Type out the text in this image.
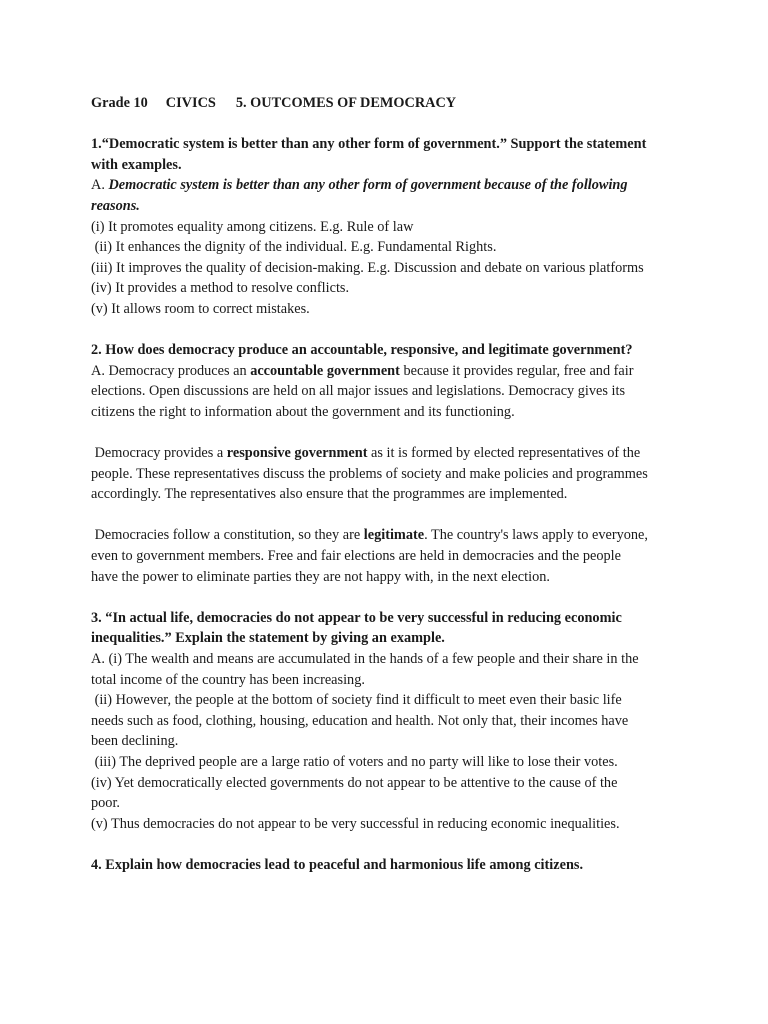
Grade 10 CIVICS 5. OUTCOMES OF DEMOCRACY
1.“Democratic system is better than any other form of government.” Support the statement
with examples.
A. Democratic system is better than any other form of government because of the following
reasons.
(i) It promotes equality among citizens. E.g. Rule of law
(ii) It enhances the dignity of the individual. E.g. Fundamental Rights.
(iii) It improves the quality of decision-making. E.g. Discussion and debate on various platforms
(iv) It provides a method to resolve conflicts.
(v) It allows room to correct mistakes.
2. How does democracy produce an accountable, responsive, and legitimate government?
A. Democracy produces an accountable government because it provides regular, free and fair
elections. Open discussions are held on all major issues and legislations. Democracy gives its
citizens the right to information about the government and its functioning.
Democracy provides a responsive government as it is formed by elected representatives of the
people. These representatives discuss the problems of society and make policies and programmes
accordingly. The representatives also ensure that the programmes are implemented.
Democracies follow a constitution, so they are legitimate. The country's laws apply to everyone,
even to government members. Free and fair elections are held in democracies and the people
have the power to eliminate parties they are not happy with, in the next election.
3. “In actual life, democracies do not appear to be very successful in reducing economic
inequalities.” Explain the statement by giving an example.
A. (i) The wealth and means are accumulated in the hands of a few people and their share in the
total income of the country has been increasing.
(ii) However, the people at the bottom of society find it difficult to meet even their basic life
needs such as food, clothing, housing, education and health. Not only that, their incomes have
been declining.
(iii) The deprived people are a large ratio of voters and no party will like to lose their votes.
(iv) Yet democratically elected governments do not appear to be attentive to the cause of the
poor.
(v) Thus democracies do not appear to be very successful in reducing economic inequalities.
4. Explain how democracies lead to peaceful and harmonious life among citizens.
